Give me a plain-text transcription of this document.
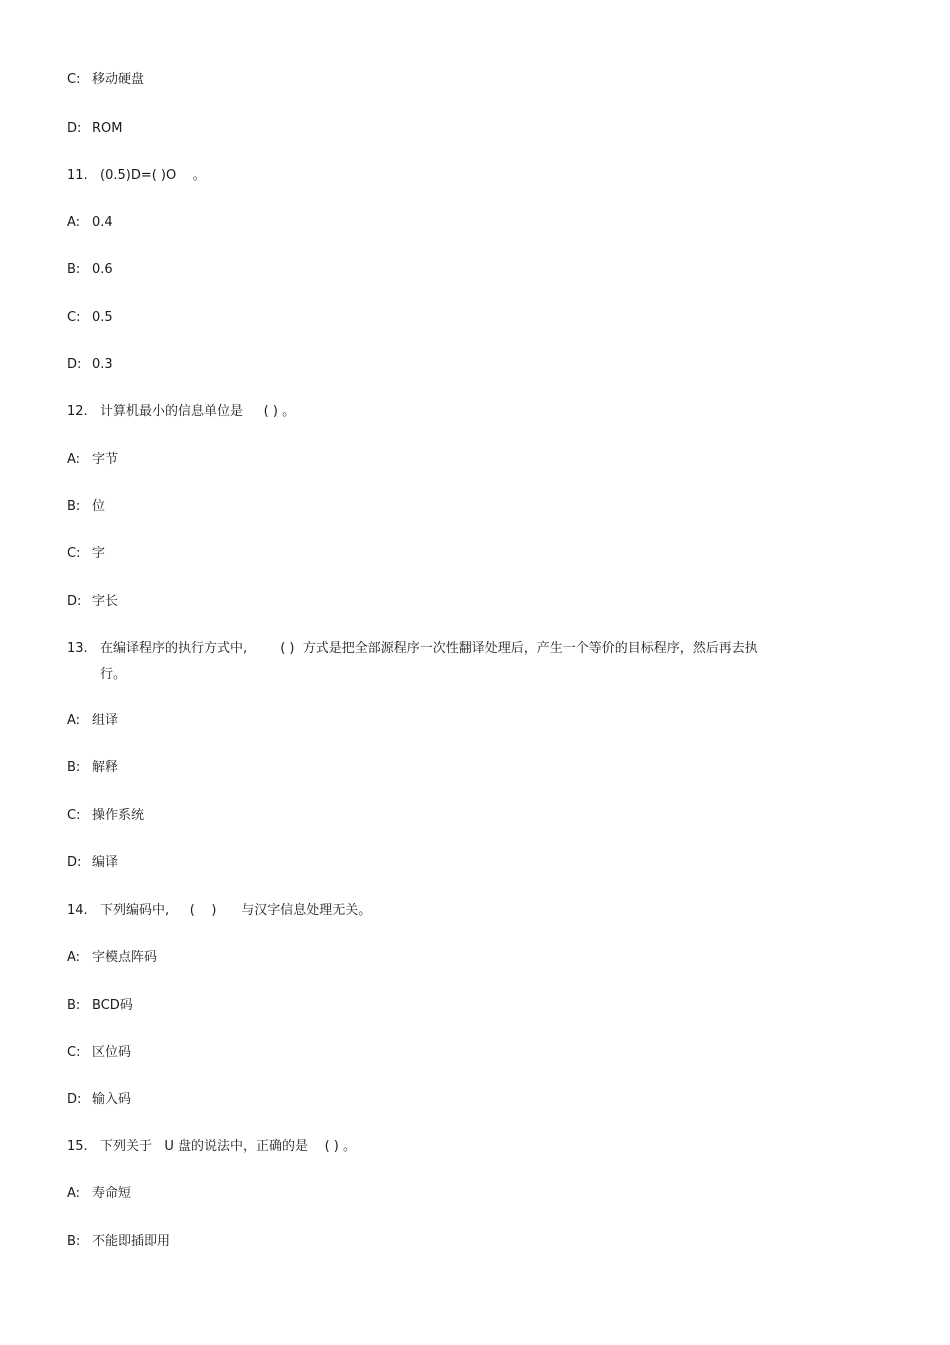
C: 移动硬盘
D: ROM
11. (0.5)D=( )O    。
A: 0.4
B: 0.6
C: 0.5
D: 0.3
12. 计算机最小的信息单位是     ( ) 。
A: 字节
B: 位
C: 字
D: 字长
13. 在编译程序的执行方式中,        ( )  方式是把全部源程序一次性翻译处理后，产生一个等价的目标程序，然后再去执
行。
A: 组译
B: 解释
C: 操作系统
D: 编译
14. 下列编码中,     (    )      与汉字信息处理无关。
A: 字模点阵码
B: BCD码
C: 区位码
D: 输入码
15. 下列关于   U 盘的说法中，正确的是    ( ) 。
A: 寿命短
B: 不能即插即用
